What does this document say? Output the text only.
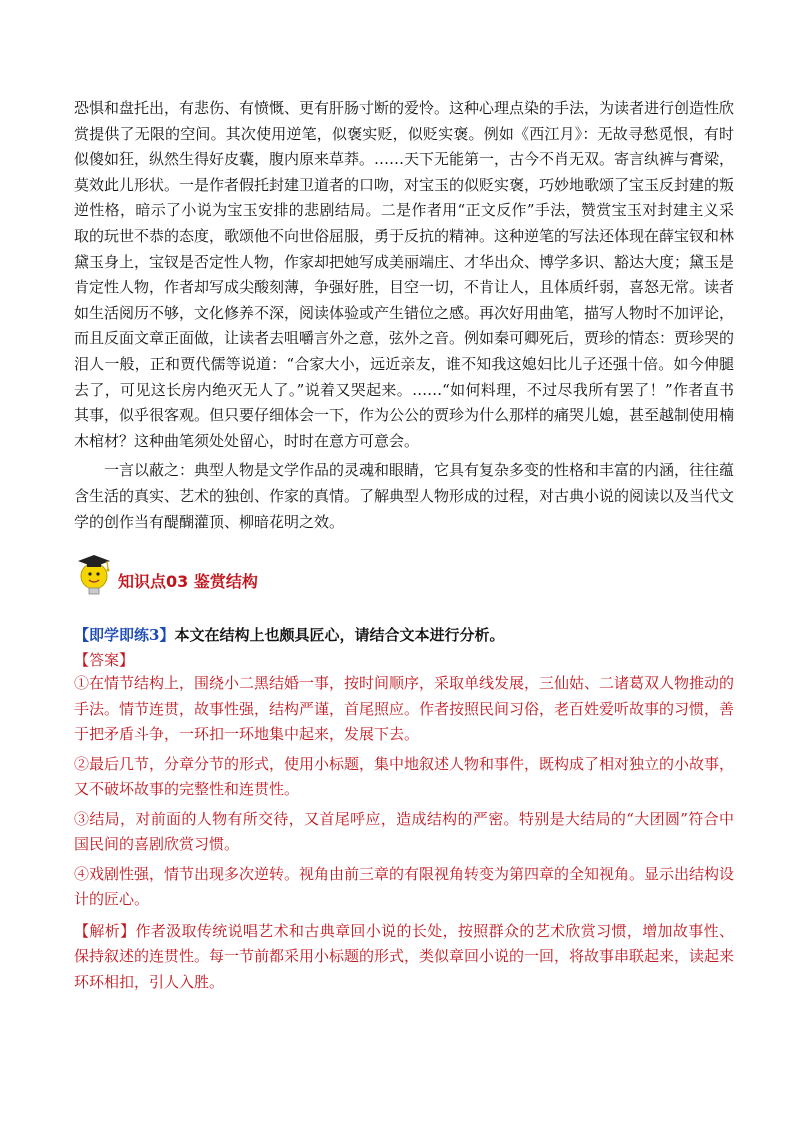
恐惧和盘托出，有悲伤、有愤慨、更有肝肠寸断的爱怜。这种心理点染的手法，为读者进行创造性欣赏提供了无限的空间。其次使用逆笔，似褒实贬，似贬实褒。例如《西江月》：无故寻愁觅恨，有时似傻如狂，纵然生得好皮囊，腹内原来草莽。……天下无能第一，古今不肖无双。寄言纨裤与膏梁，莫效此儿形状。一是作者假托封建卫道者的口吻，对宝玉的似贬实褒，巧妙地歌颂了宝玉反封建的叛逆性格，暗示了小说为宝玉安排的悲剧结局。二是作者用“正文反作”手法，赞赏宝玉对封建主义采取的玩世不恭的态度，歌颂他不向世俗屈服，勇于反抗的精神。这种逆笔的写法还体现在薛宝钗和林黛玉身上，宝钗是否定性人物，作家却把她写成美丽端庄、才华出众、博学多识、豁达大度；黛玉是肯定性人物，作者却写成尖酸刻薄，争强好胜，目空一切，不肯让人，且体质纤弱，喜怒无常。读者如生活阅历不够，文化修养不深，阅读体验或产生错位之感。再次好用曲笔，描写人物时不加评论，而且反面文章正面做，让读者去咀嚼言外之意，弦外之音。例如秦可卿死后，贾珍的情态：贾珍哭的泪人一般，正和贾代儒等说道：“合家大小，远近亲友，谁不知我这媳妇比儿子还强十倍。如今伸腿去了，可见这长房内绝灭无人了。”说着又哭起来。……“如何料理，不过尽我所有罢了！”作者直书其事，似乎很客观。但只要仔细体会一下，作为公公的贾珍为什么那样的痛哭儿媳，甚至越制使用楠木棺材？这种曲笔须处处留心，时时在意方可意会。

一言以蔽之：典型人物是文学作品的灵魂和眼睛，它具有复杂多变的性格和丰富的内涵，往往蕴含生活的真实、艺术的独创、作家的真情。了解典型人物形成的过程，对古典小说的阅读以及当代文学的创作当有醍醐灌顶、柳暗花明之效。

知识点03 鉴赏结构
【即学即练3】本文在结构上也颇具匠心，请结合文本进行分析。
【答案】

①在情节结构上，围绕小二黑结婚一事，按时间顺序，采取单线发展，三仙姑、二诸葛双人物推动的手法。情节连贯，故事性强，结构严谨，首尾照应。作者按照民间习俗，老百姓爱听故事的习惯，善于把矛盾斗争，一环扣一环地集中起来，发展下去。

②最后几节，分章分节的形式，使用小标题，集中地叙述人物和事件，既构成了相对独立的小故事，又不破坏故事的完整性和连贯性。

③结局，对前面的人物有所交待，又首尾呼应，造成结构的严密。特别是大结局的“大团圆”符合中国民间的喜剧欣赏习惯。

④戏剧性强，情节出现多次逆转。视角由前三章的有限视角转变为第四章的全知视角。显示出结构设计的匠心。

【解析】作者汲取传统说唱艺术和古典章回小说的长处，按照群众的艺术欣赏习惯，增加故事性、保持叙述的连贯性。每一节前都采用小标题的形式，类似章回小说的一回，将故事串联起来，读起来环环相扣，引人入胜。
